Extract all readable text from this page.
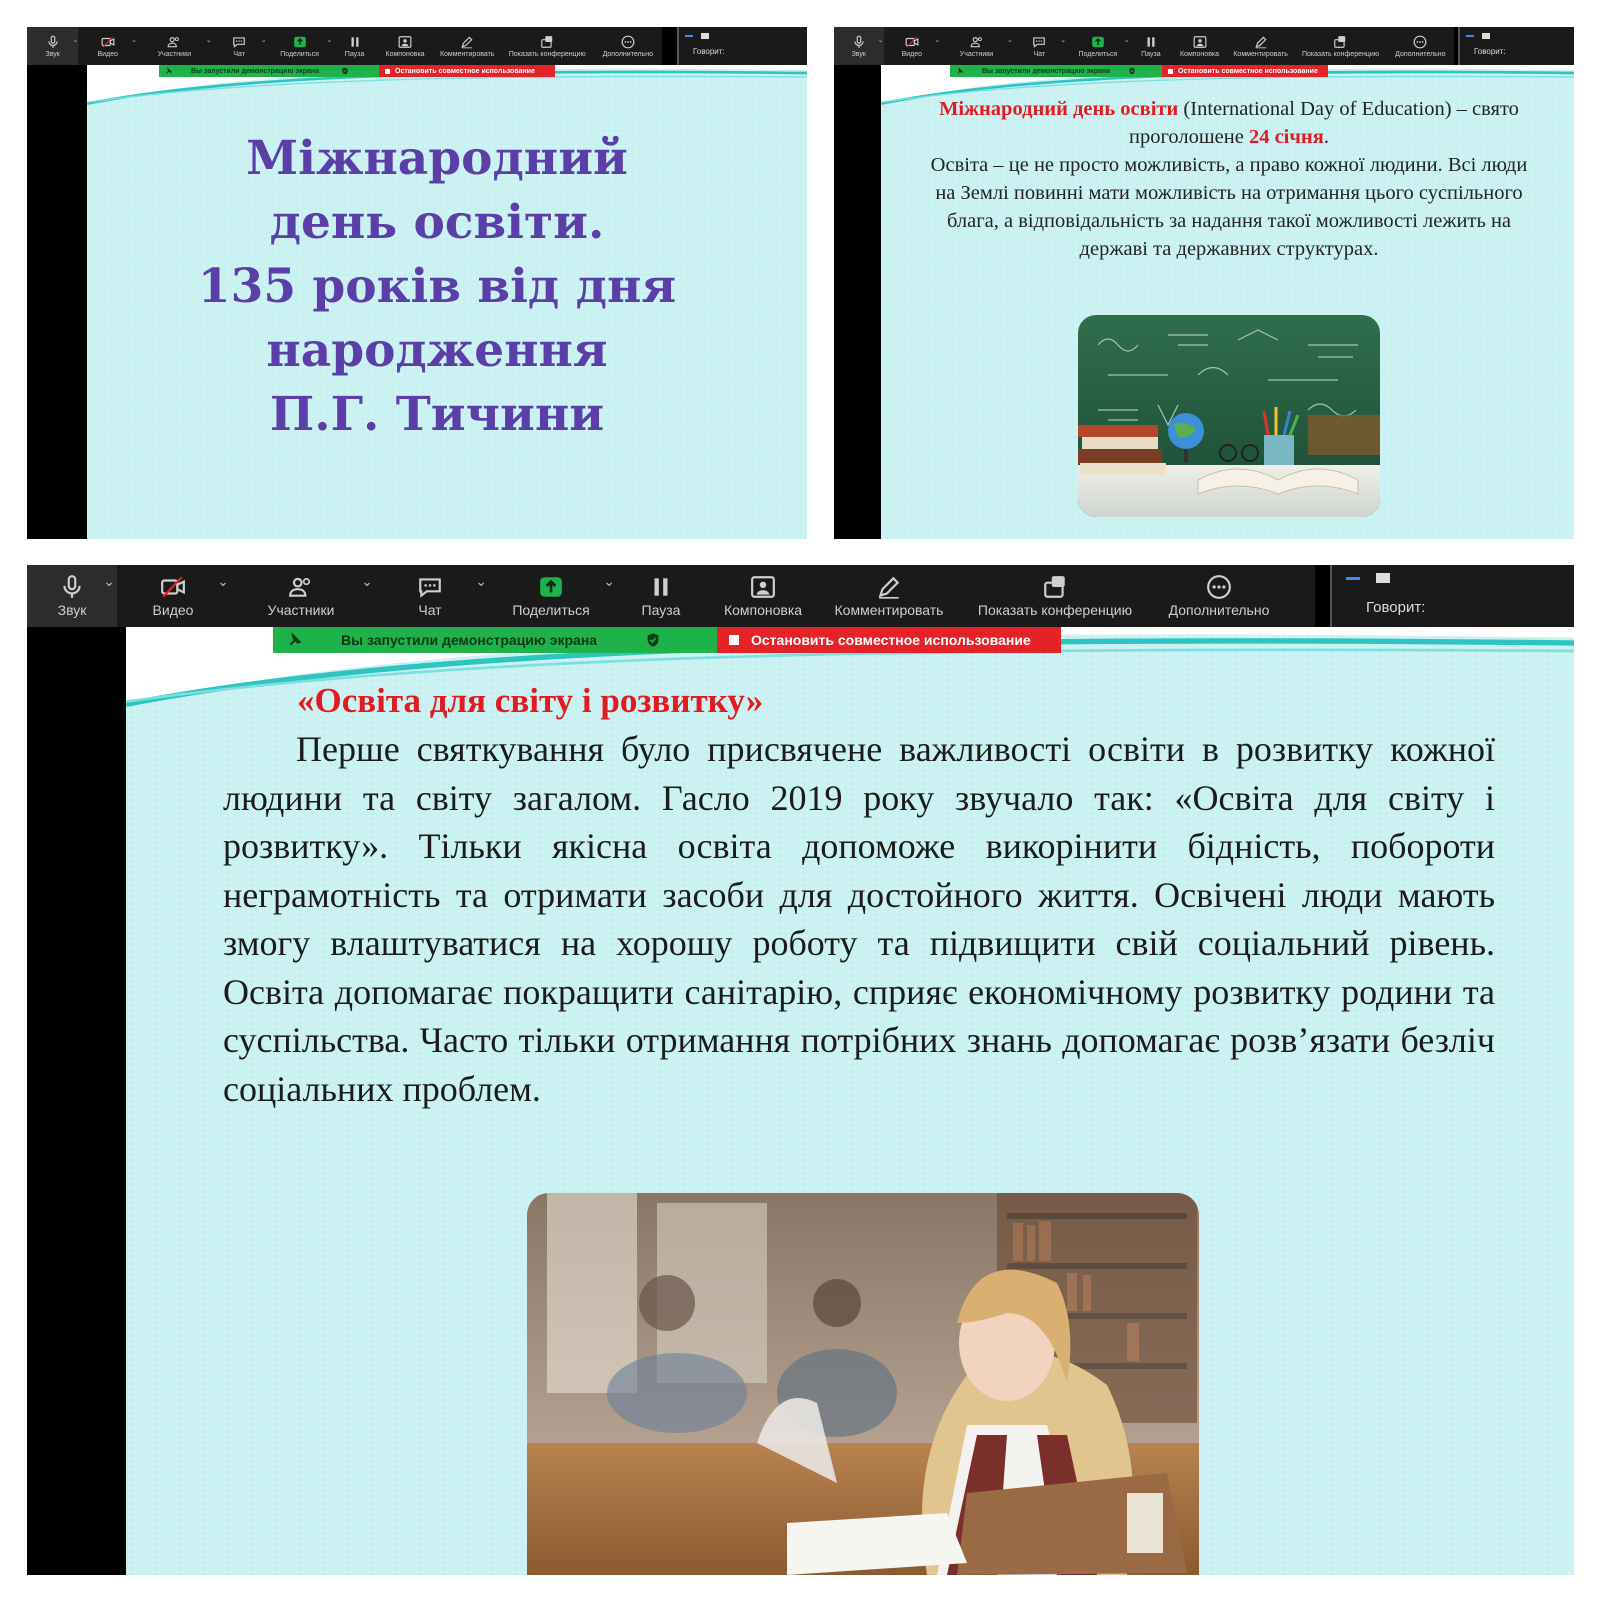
Звук
⌄
Видео
⌄
Участники
⌄
Чат
⌄
Поделиться
⌄
Пауза	Компоновка Комментировать Показать конференцию Дополнительно	Говорит:
Вы запустили демонстрацию экрана	Остановить совместное использование
Міжнародний
день освіти.
135 років від дня
народження
П.Г. Тичини
Звук
⌄
Видео
⌄
Участники
⌄
Чат
⌄
Поделиться
⌄
Пауза	Компоновка Комментировать Показать конференцию Дополнительно	Говорит:
Вы запустили демонстрацию экрана	Остановить совместное использование
Міжнародний день освіти (International Day of Education) – свято проголошене 24 січня.
Освіта – це не просто можливість, а право кожної людини. Всі люди на Землі повинні мати можливість на отримання цього суспільного блага, а відповідальність за надання такої можливості лежить на державі та державних структурах.
Звук
⌄
Видео
⌄
Участники
⌄
Чат
⌄
Поделиться
⌄
Пауза	Компоновка Комментировать Показать конференцию	Дополнительно	Говорит:
Вы запустили демонстрацию экрана	Остановить совместное использование
«Освіта для світу і розвитку»
Перше святкування було присвячене важливості освіти в розвитку кожної людини та світу загалом. Гасло 2019 року звучало так: «Освіта для світу і розвитку». Тільки якісна освіта допоможе викорінити бідність, побороти неграмотність та отримати засоби для достойного життя. Освічені люди мають змогу влаштуватися на хорошу роботу та підвищити свій соціальний рівень. Освіта допомагає покращити санітарію, сприяє економічному розвитку родини та суспільства. Часто тільки отримання потрібних знань допомагає розв’язати безліч соціальних проблем.
